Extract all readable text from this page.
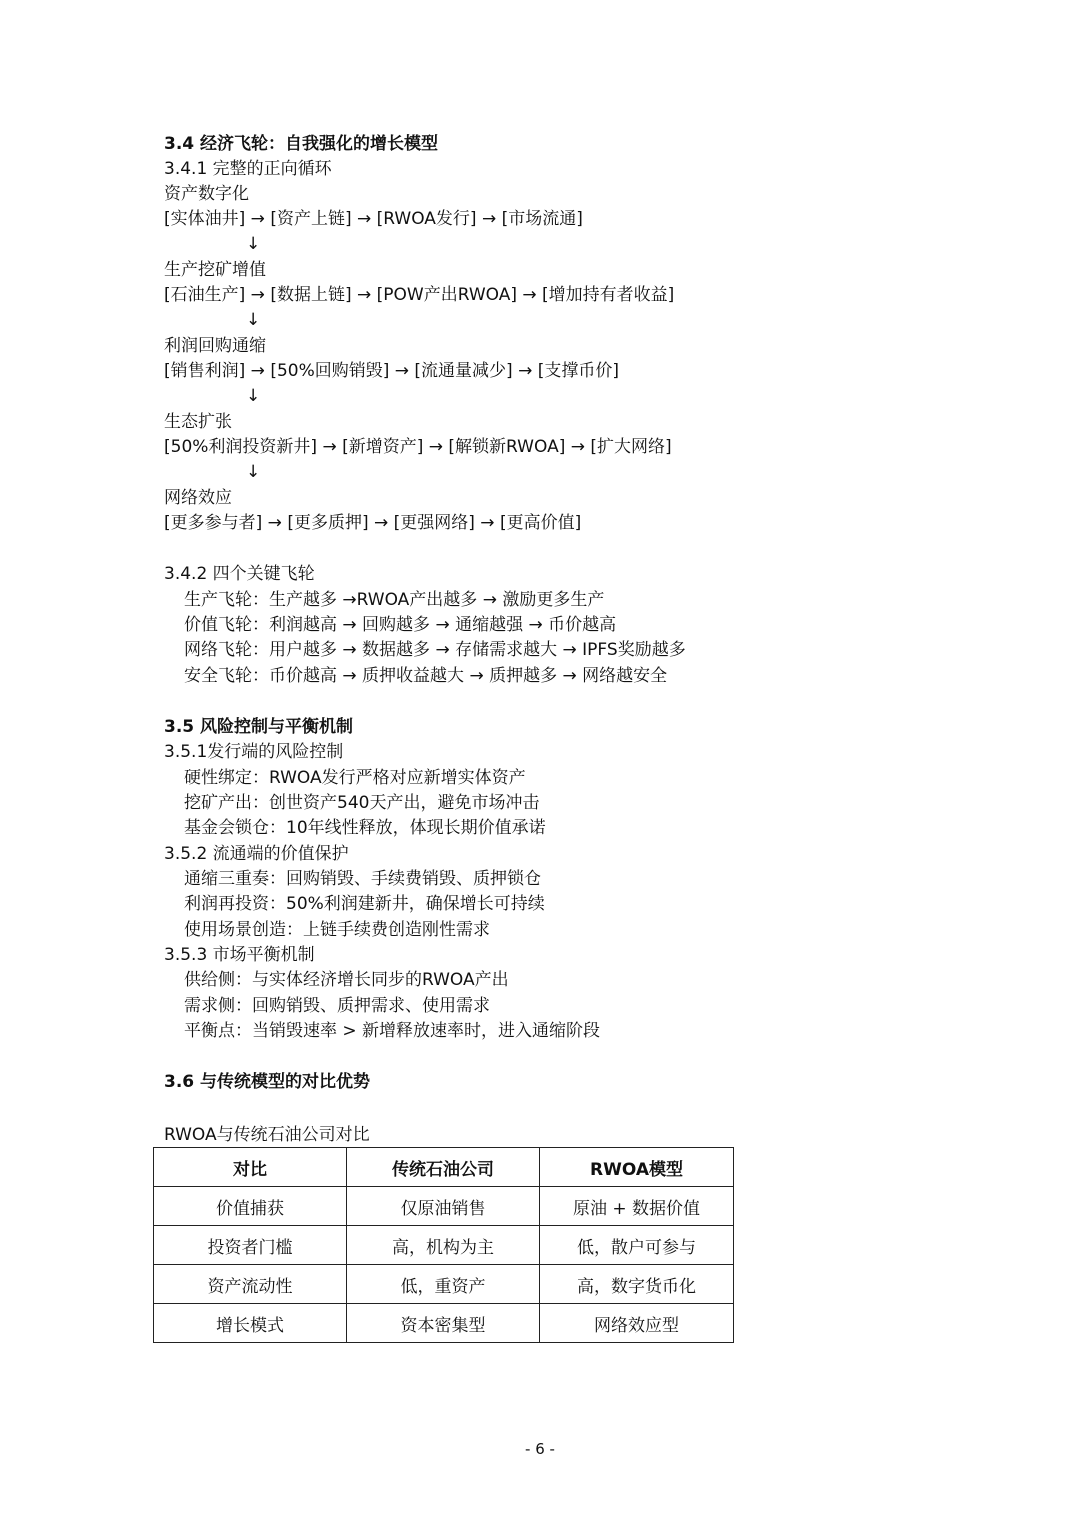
3.4 经济飞轮：自我强化的增长模型

3.4.1 完整的正向循环

资产数字化

[实体油井] → [资产上链] → [RWOA发行] → [市场流通]

↓

生产挖矿增值

[石油生产] → [数据上链] → [POW产出RWOA] → [增加持有者收益]

↓

利润回购通缩

[销售利润] → [50%回购销毁] → [流通量减少] → [支撑币价]

↓

生态扩张

[50%利润投资新井] → [新增资产] → [解锁新RWOA] → [扩大网络]

↓

网络效应

[更多参与者] → [更多质押] → [更强网络] → [更高价值]

3.4.2 四个关键飞轮

生产飞轮：生产越多 →RWOA产出越多 → 激励更多生产

价值飞轮：利润越高 → 回购越多 → 通缩越强 → 币价越高

网络飞轮：用户越多 → 数据越多 → 存储需求越大 → IPFS奖励越多

安全飞轮：币价越高 → 质押收益越大 → 质押越多 → 网络越安全

3.5 风险控制与平衡机制

3.5.1发行端的风险控制

硬性绑定：RWOA发行严格对应新增实体资产

挖矿产出：创世资产540天产出，避免市场冲击

基金会锁仓：10年线性释放，体现长期价值承诺

3.5.2 流通端的价值保护

通缩三重奏：回购销毁、手续费销毁、质押锁仓

利润再投资：50%利润建新井，确保增长可持续

使用场景创造：上链手续费创造刚性需求

3.5.3 市场平衡机制

供给侧：与实体经济增长同步的RWOA产出

需求侧：回购销毁、质押需求、使用需求

平衡点：当销毁速率 > 新增释放速率时，进入通缩阶段

3.6 与传统模型的对比优势

RWOA与传统石油公司对比
对比	传统石油公司	RWOA模型
价值捕获	仅原油销售	原油 + 数据价值
投资者门槛	高，机构为主	低，散户可参与
资产流动性	低，重资产	高，数字货币化
增长模式	资本密集型	网络效应型
- 6 -
